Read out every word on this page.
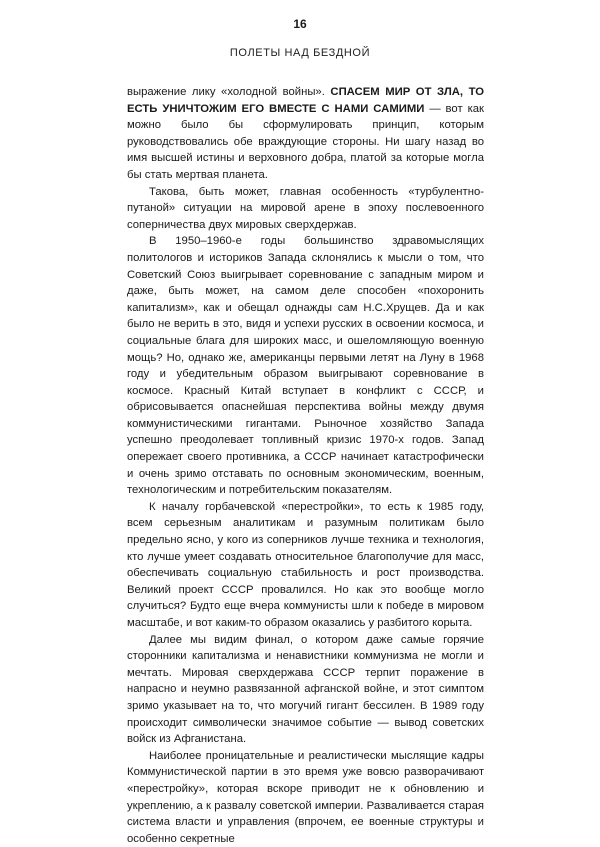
16
ПОЛЕТЫ НАД БЕЗДНОЙ

выражение лику «холодной войны». СПАСЕМ МИР ОТ ЗЛА, ТО ЕСТЬ УНИЧТОЖИМ ЕГО ВМЕСТЕ С НАМИ САМИМИ — вот как можно было бы сформулировать принцип, которым руководствовались обе враждующие стороны. Ни шагу назад во имя высшей истины и верховного добра, платой за которые могла бы стать мертвая планета.

Такова, быть может, главная особенность «турбулентно-путаной» ситуации на мировой арене в эпоху послевоенного соперничества двух мировых сверхдержав.

В 1950–1960-е годы большинство здравомыслящих политологов и историков Запада склонялись к мысли о том, что Советский Союз выигрывает соревнование с западным миром и даже, быть может, на самом деле способен «похоронить капитализм», как и обещал однажды сам Н.С.Хрущев. Да и как было не верить в это, видя и успехи русских в освоении космоса, и социальные блага для широких масс, и ошеломляющую военную мощь? Но, однако же, американцы первыми летят на Луну в 1968 году и убедительным образом выигрывают соревнование в космосе. Красный Китай вступает в конфликт с СССР, и обрисовывается опаснейшая перспектива войны между двумя коммунистическими гигантами. Рыночное хозяйство Запада успешно преодолевает топливный кризис 1970-х годов. Запад опережает своего противника, а СССР начинает катастрофически и очень зримо отставать по основным экономическим, военным, технологическим и потребительским показателям.

К началу горбачевской «перестройки», то есть к 1985 году, всем серьезным аналитикам и разумным политикам было предельно ясно, у кого из соперников лучше техника и технология, кто лучше умеет создавать относительное благополучие для масс, обеспечивать социальную стабильность и рост производства. Великий проект СССР провалился. Но как это вообще могло случиться? Будто еще вчера коммунисты шли к победе в мировом масштабе, и вот каким-то образом оказались у разбитого корыта.

Далее мы видим финал, о котором даже самые горячие сторонники капитализма и ненавистники коммунизма не могли и мечтать. Мировая сверхдержава СССР терпит поражение в напрасно и неумно развязанной афганской войне, и этот симптом зримо указывает на то, что могучий гигант бессилен. В 1989 году происходит символически значимое событие — вывод советских войск из Афганистана.

Наиболее проницательные и реалистически мыслящие кадры Коммунистической партии в это время уже вовсю разворачивают «перестройку», которая вскоре приводит не к обновлению и укреплению, а к развалу советской империи. Разваливается старая система власти и управления (впрочем, ее военные структуры и особенно секретные
